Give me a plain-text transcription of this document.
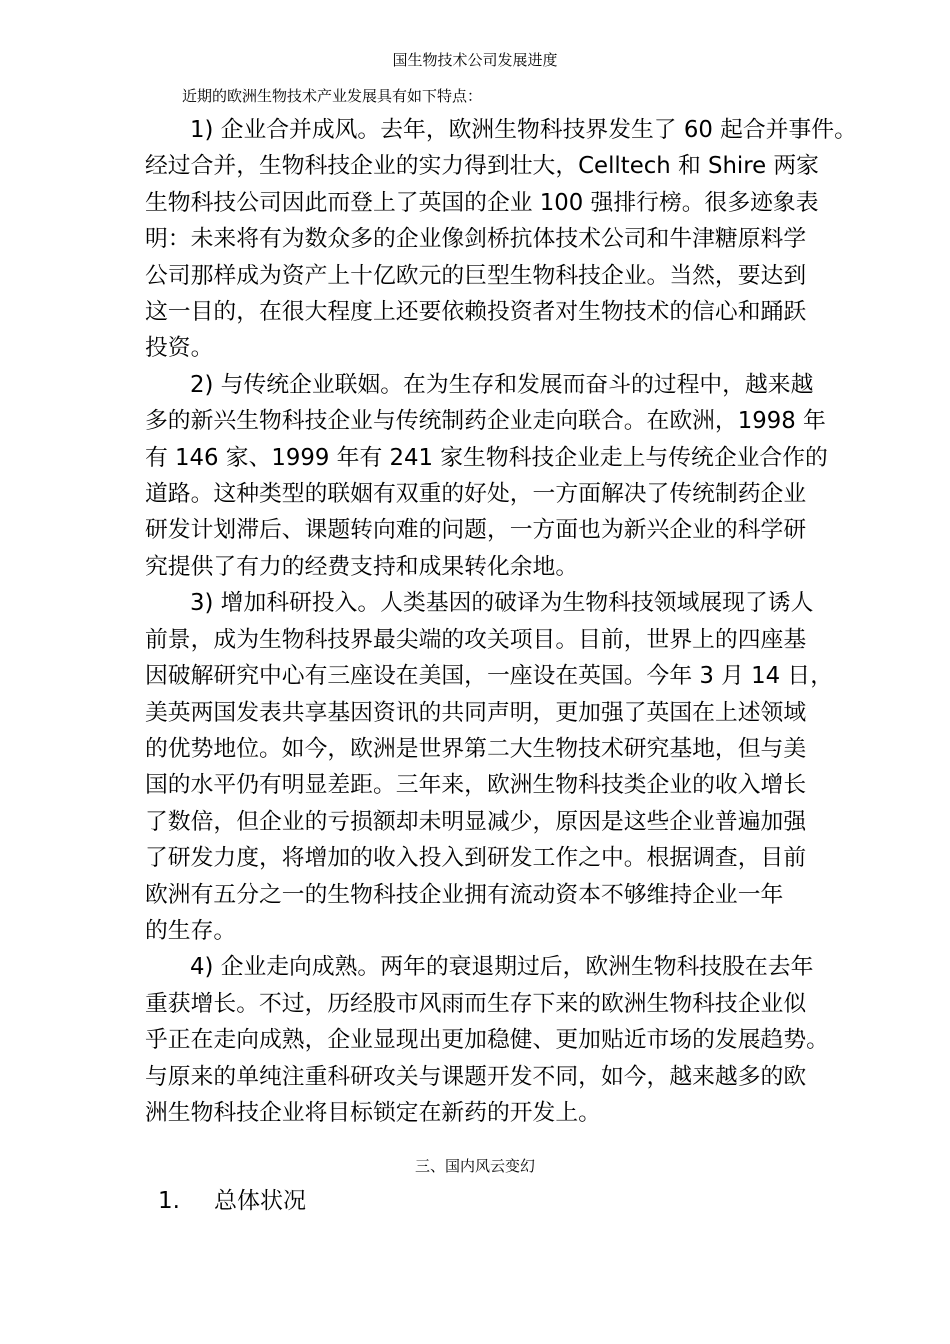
国生物技术公司发展进度
近期的欧洲生物技术产业发展具有如下特点：
1) 企业合并成风。去年，欧洲生物科技界发生了 60 起合并事件。
经过合并，生物科技企业的实力得到壮大，Celltech 和 Shire 两家
生物科技公司因此而登上了英国的企业 100 强排行榜。很多迹象表
明：未来将有为数众多的企业像剑桥抗体技术公司和牛津糖原料学
公司那样成为资产上十亿欧元的巨型生物科技企业。当然，要达到
这一目的，在很大程度上还要依赖投资者对生物技术的信心和踊跃
投资。
2) 与传统企业联姻。在为生存和发展而奋斗的过程中，越来越
多的新兴生物科技企业与传统制药企业走向联合。在欧洲，1998 年
有 146 家、1999 年有 241 家生物科技企业走上与传统企业合作的
道路。这种类型的联姻有双重的好处，一方面解决了传统制药企业
研发计划滞后、课题转向难的问题，一方面也为新兴企业的科学研
究提供了有力的经费支持和成果转化余地。
3) 增加科研投入。人类基因的破译为生物科技领域展现了诱人
前景，成为生物科技界最尖端的攻关项目。目前，世界上的四座基
因破解研究中心有三座设在美国，一座设在英国。今年 3 月 14 日，
美英两国发表共享基因资讯的共同声明，更加强了英国在上述领域
的优势地位。如今，欧洲是世界第二大生物技术研究基地，但与美
国的水平仍有明显差距。三年来，欧洲生物科技类企业的收入增长
了数倍，但企业的亏损额却未明显减少，原因是这些企业普遍加强
了研发力度，将增加的收入投入到研发工作之中。根据调查，目前
欧洲有五分之一的生物科技企业拥有流动资本不够维持企业一年
的生存。
4) 企业走向成熟。两年的衰退期过后，欧洲生物科技股在去年
重获增长。不过，历经股市风雨而生存下来的欧洲生物科技企业似
乎正在走向成熟，企业显现出更加稳健、更加贴近市场的发展趋势。
与原来的单纯注重科研攻关与课题开发不同，如今，越来越多的欧
洲生物科技企业将目标锁定在新药的开发上。
三、国内风云变幻
1. 总体状况
